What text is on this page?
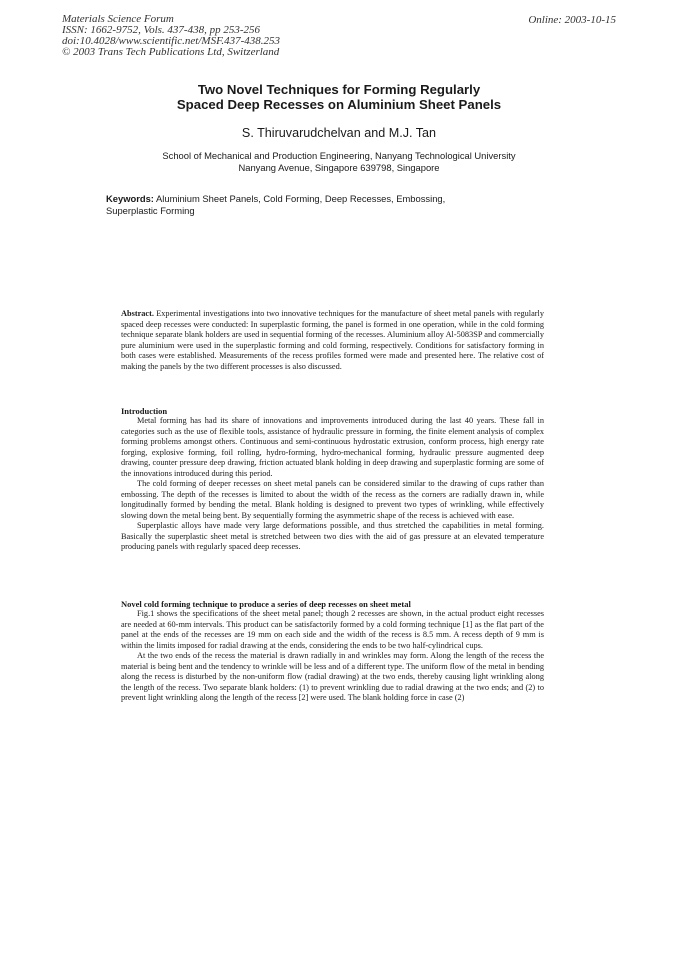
Materials Science Forum
ISSN: 1662-9752, Vols. 437-438, pp 253-256
doi:10.4028/www.scientific.net/MSF.437-438.253
© 2003 Trans Tech Publications Ltd, Switzerland
Online: 2003-10-15
Two Novel Techniques for Forming Regularly
Spaced Deep Recesses on Aluminium Sheet Panels
S. Thiruvarudchelvan and M.J. Tan
School of Mechanical and Production Engineering, Nanyang Technological University
Nanyang Avenue, Singapore 639798, Singapore
Keywords: Aluminium Sheet Panels, Cold Forming, Deep Recesses, Embossing, Superplastic Forming

Abstract. Experimental investigations into two innovative techniques for the manufacture of sheet metal panels with regularly spaced deep recesses were conducted: In superplastic forming, the panel is formed in one operation, while in the cold forming technique separate blank holders are used in sequential forming of the recesses. Aluminium alloy Al-5083SP and commercially pure aluminium were used in the superplastic forming and cold forming, respectively. Conditions for satisfactory forming in both cases were established. Measurements of the recess profiles formed were made and presented here. The relative cost of making the panels by the two different processes is also discussed.

Introduction

Metal forming has had its share of innovations and improvements introduced during the last 40 years. These fall in categories such as the use of flexible tools, assistance of hydraulic pressure in forming, the finite element analysis of complex forming problems amongst others. Continuous and semi-continuous hydrostatic extrusion, conform process, high energy rate forging, explosive forming, foil rolling, hydro-forming, hydro-mechanical forming, hydraulic pressure augmented deep drawing, counter pressure deep drawing, friction actuated blank holding in deep drawing and superplastic forming are some of the innovations introduced during this period.

The cold forming of deeper recesses on sheet metal panels can be considered similar to the drawing of cups rather than embossing. The depth of the recesses is limited to about the width of the recess as the corners are radially drawn in, while longitudinally formed by bending the metal. Blank holding is designed to prevent two types of wrinkling, while effectively slowing down the metal being bent. By sequentially forming the asymmetric shape of the recess is achieved with ease.

Superplastic alloys have made very large deformations possible, and thus stretched the capabilities in metal forming. Basically the superplastic sheet metal is stretched between two dies with the aid of gas pressure at an elevated temperature producing panels with regularly spaced deep recesses.

Novel cold forming technique to produce a series of deep recesses on sheet metal

Fig.1 shows the specifications of the sheet metal panel; though 2 recesses are shown, in the actual product eight recesses are needed at 60-mm intervals. This product can be satisfactorily formed by a cold forming technique [1] as the flat part of the panel at the ends of the recesses are 19 mm on each side and the width of the recess is 8.5 mm. A recess depth of 9 mm is within the limits imposed for radial drawing at the ends, considering the ends to be two half-cylindrical cups.

At the two ends of the recess the material is drawn radially in and wrinkles may form. Along the length of the recess the material is being bent and the tendency to wrinkle will be less and of a different type. The uniform flow of the metal in bending along the recess is disturbed by the non-uniform flow (radial drawing) at the two ends, thereby causing light wrinkling along the length of the recess. Two separate blank holders: (1) to prevent wrinkling due to radial drawing at the two ends; and (2) to prevent light wrinkling along the length of the recess [2] were used. The blank holding force in case (2)
